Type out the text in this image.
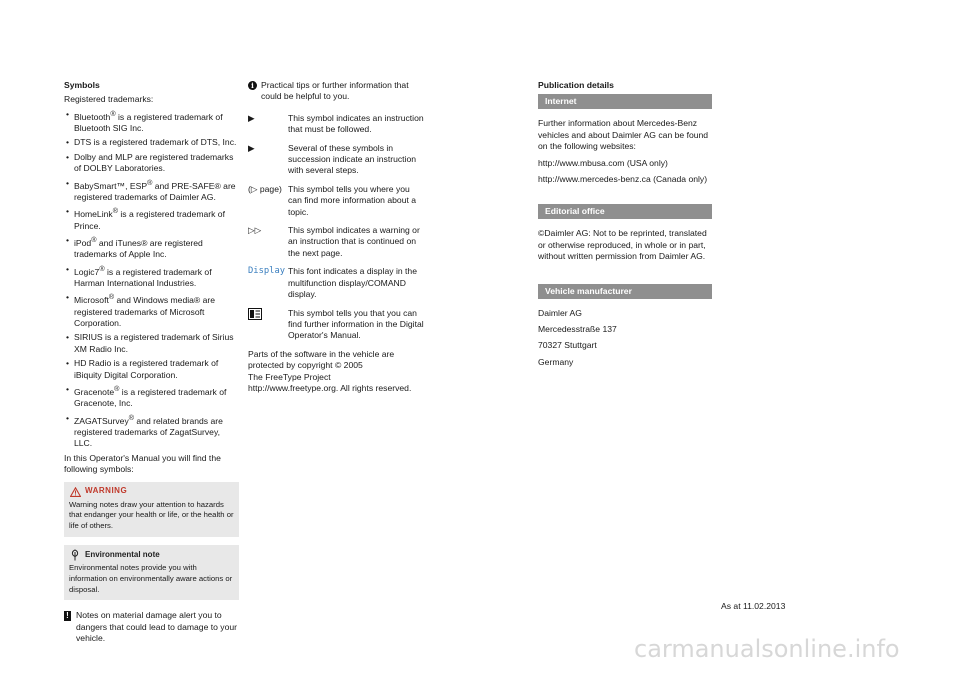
Symbols
Registered trademarks:
• Bluetooth® is a registered trademark of Bluetooth SIG Inc.
• DTS is a registered trademark of DTS, Inc.
• Dolby and MLP are registered trademarks of DOLBY Laboratories.
• BabySmart™, ESP® and PRE-SAFE® are registered trademarks of Daimler AG.
• HomeLink® is a registered trademark of Prince.
• iPod® and iTunes® are registered trademarks of Apple Inc.
• Logic7® is a registered trademark of Harman International Industries.
• Microsoft® and Windows media® are registered trademarks of Microsoft Corporation.
• SIRIUS is a registered trademark of Sirius XM Radio Inc.
• HD Radio is a registered trademark of iBiquity Digital Corporation.
• Gracenote® is a registered trademark of Gracenote, Inc.
• ZAGATSurvey® and related brands are registered trademarks of ZagatSurvey, LLC.
In this Operator's Manual you will find the following symbols:
WARNING
Warning notes draw your attention to hazards that endanger your health or life, or the health or life of others.
Environmental note
Environmental notes provide you with information on environmentally aware actions or disposal.
! Notes on material damage alert you to dangers that could lead to damage to your vehicle.
i Practical tips or further information that could be helpful to you.
▶	This symbol indicates an instruction that must be followed.
▶	Several of these symbols in succession indicate an instruction with several steps.
(▷ page) This symbol tells you where you can find more information about a topic.
▷▷	This symbol indicates a warning or an instruction that is continued on the next page.
Display This font indicates a display in the multifunction display/COMAND display.
This symbol tells you that you can find further information in the Digital Operator's Manual.
Parts of the software in the vehicle are protected by copyright © 2005
The FreeType Project
http://www.freetype.org. All rights reserved.
Publication details
Internet
Further information about Mercedes-Benz vehicles and about Daimler AG can be found on the following websites:
http://www.mbusa.com (USA only)
http://www.mercedes-benz.ca (Canada only)
Editorial office
©Daimler AG: Not to be reprinted, translated or otherwise reproduced, in whole or in part, without written permission from Daimler AG.
Vehicle manufacturer
Daimler AG
Mercedesstraße 137
70327 Stuttgart
Germany
As at 11.02.2013
carmanualsonline.info
